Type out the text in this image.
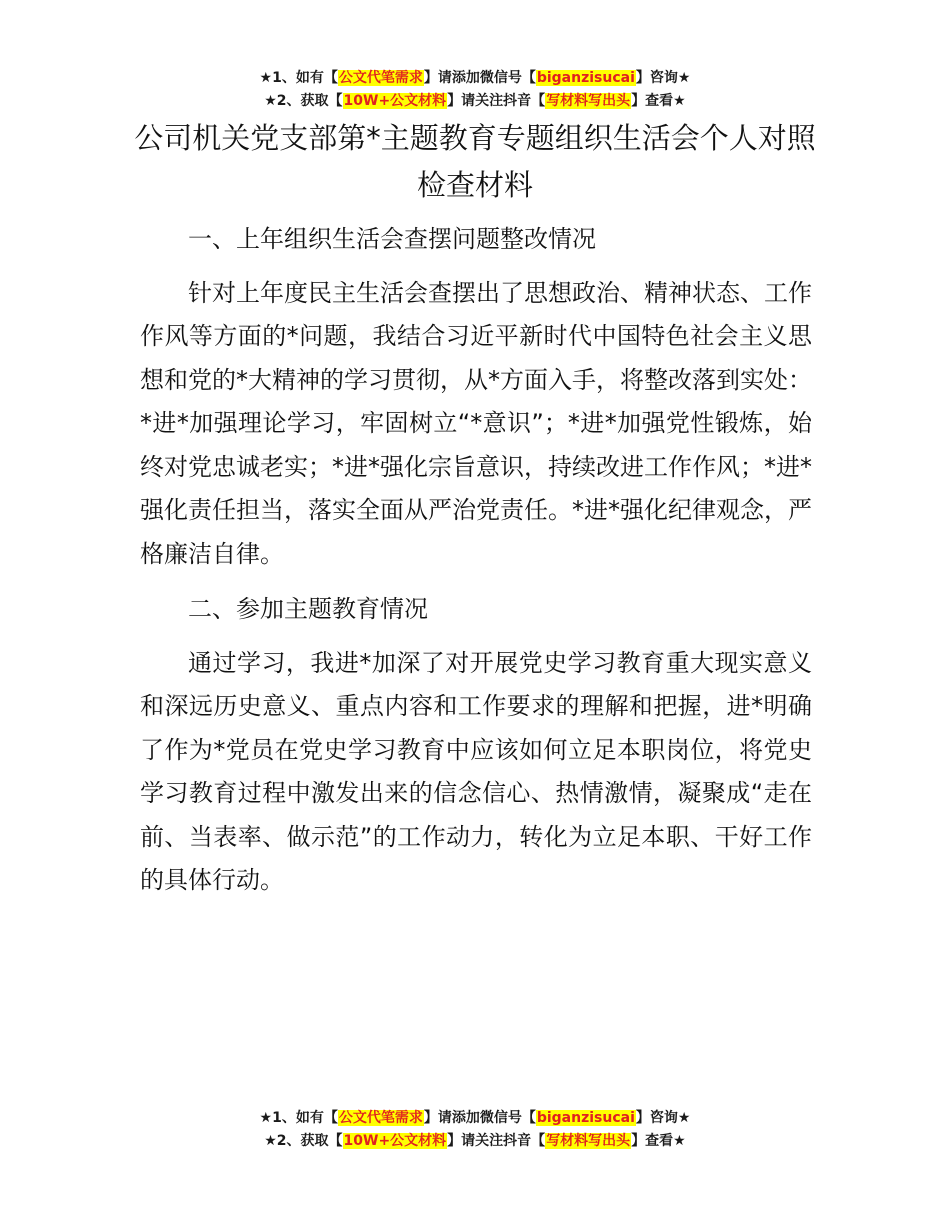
★1、如有【公文代笔需求】请添加微信号【biganzisucai】咨询★
★2、获取【10W+公文材料】请关注抖音【写材料写出头】查看★
公司机关党支部第*主题教育专题组织生活会个人对照检查材料

一、上年组织生活会查摆问题整改情况

针对上年度民主生活会查摆出了思想政治、精神状态、工作作风等方面的*问题，我结合习近平新时代中国特色社会主义思想和党的*大精神的学习贯彻，从*方面入手，将整改落到实处：*进*加强理论学习，牢固树立“*意识”；*进*加强党性锻炼，始终对党忠诚老实；*进*强化宗旨意识，持续改进工作作风；*进*强化责任担当，落实全面从严治党责任。*进*强化纪律观念，严格廉洁自律。

二、参加主题教育情况

通过学习，我进*加深了对开展党史学习教育重大现实意义和深远历史意义、重点内容和工作要求的理解和把握，进*明确了作为*党员在党史学习教育中应该如何立足本职岗位，将党史学习教育过程中激发出来的信念信心、热情激情，凝聚成“走在前、当表率、做示范”的工作动力，转化为立足本职、干好工作的具体行动。

★1、如有【公文代笔需求】请添加微信号【biganzisucai】咨询★
★2、获取【10W+公文材料】请关注抖音【写材料写出头】查看★
